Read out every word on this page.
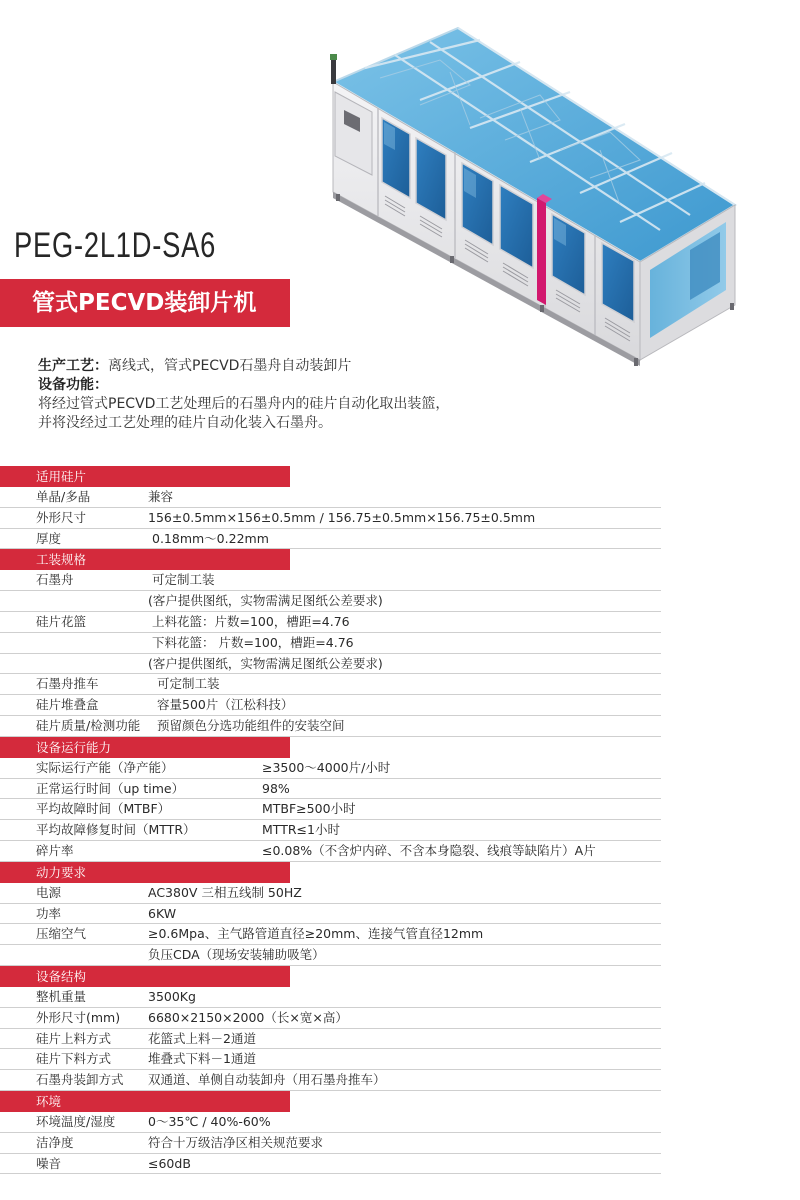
PEG-2L1D-SA6
管式PECVD装卸片机

生产工艺：离线式，管式PECVD石墨舟自动装卸片

设备功能：

将经过管式PECVD工艺处理后的石墨舟内的硅片自动化取出装篮，

并将没经过工艺处理的硅片自动化装入石墨舟。

适用硅片
单晶/多晶	兼容
外形尺寸	156±0.5mm×156±0.5mm / 156.75±0.5mm×156.75±0.5mm
厚度	0.18mm～0.22mm
工装规格
石墨舟	可定制工装
(客户提供图纸，实物需满足图纸公差要求)
硅片花篮	上料花篮：片数=100，槽距=4.76
下料花篮： 片数=100，槽距=4.76
(客户提供图纸，实物需满足图纸公差要求)
石墨舟推车	可定制工装
硅片堆叠盒	容量500片（江松科技）
硅片质量/检测功能 预留颜色分选功能组件的安装空间
设备运行能力
实际运行产能（净产能）	≥3500～4000片/小时
正常运行时间（up time）	98%
平均故障时间（MTBF）	MTBF≥500小时
平均故障修复时间（MTTR）	MTTR≤1小时
碎片率	≤0.08%（不含炉内碎、不含本身隐裂、线痕等缺陷片）A片
动力要求
电源	AC380V 三相五线制 50HZ
功率	6KW
压缩空气	≥0.6Mpa、主气路管道直径≥20mm、连接气管直径12mm
负压CDA（现场安装辅助吸笔）
设备结构
整机重量	3500Kg
外形尺寸(mm) 6680×2150×2000（长×宽×高）
硅片上料方式	花篮式上料－2通道
硅片下料方式	堆叠式下料－1通道
石墨舟装卸方式 双通道、单侧自动装卸舟（用石墨舟推车）
环境
环境温度/湿度	0～35℃ / 40%-60%
洁净度	符合十万级洁净区相关规范要求
噪音	≤60dB
